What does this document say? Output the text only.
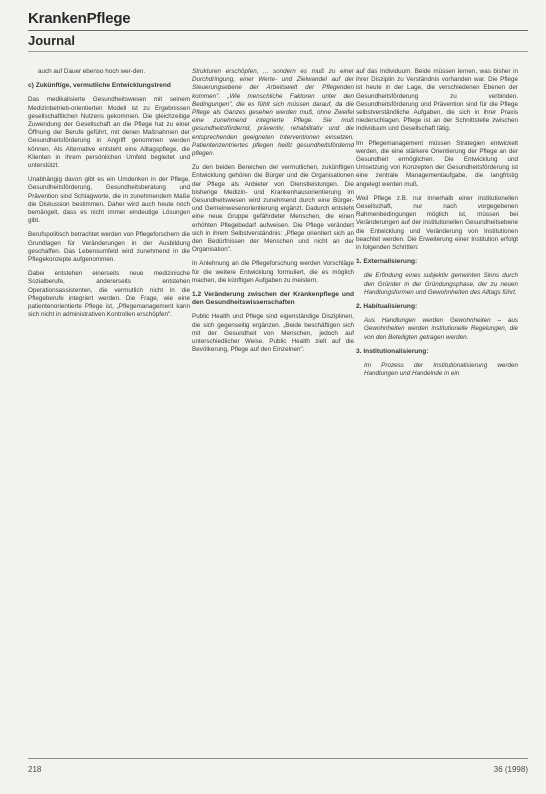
KrankenPflege
Journal

auch auf Dauer ebenso hoch wer-den.

c) Zukünftige, vermutliche Entwicklungstrend

Das medikalisierte Gesundheitswesen mit seinem Medizinbetrieb-orientierten Modell ist zu Ergebnissen gesellschaftlichen Nutzens gekommen. Die gleichzeitige Zuwendung der Gesellschaft an die Pflege hat zu einer Öffnung der Berufe geführt, mit denen Maßnahmen der Gesundheitsförderung in Angriff genommen werden können. Als Alternative entsteht eine Alltagspflege, die Klienten in ihrem persönlichen Umfeld begleitet und unterstützt.

Unabhängig davon gibt es ein Umdenken in der Pflege. Gesundheitsförderung, Gesundheitsberatung und Prävention sind Schlagworte, die in zunehmendem Maße die Diskussion bestimmen. Daher wird auch heute noch bemängelt, dass es nicht immer eindeutige Lösungen gibt.

Berufspolitisch betrachtet werden von Pflegeforschern die Grundlagen für Veränderungen in der Ausbildung geschaffen. Das Lebensumfeld wird zunehmend in die Pflegekonzepte aufgenommen.

Dabei entstehen einerseits neue medizinische Sozialberufe, andererseits entstehen Operationsassistenten, die vermutlich nicht in die Pflegeberufe integriert werden. Die Frage, wie eine patientenorientierte Pflege ist, „Pflegemanagement kann sich nicht in administrativen Kontrollen erschöpfen".

Strukturen erschöpfen, ... sondern es muß zu einer Durchdringung, einer Werte- und Zielwandel auf der Steuerungsebene der Arbeitswelt der Pflegenden kommen". „Wie menschliche Faktoren unter den Bedingungen", die es fühlt sich müssen darauf, da die Pflege als Ganzes gesehen werden muß, ohne Zweifel eine zunehmend integrierte Pflege. Sie muß gesundheitsfördernd, präventiv, rehabilitativ und die entsprechenden geeigneten Interventionen einsetzen. Patientenzentriertes pflegen heißt gesundheitsfördernd pflegen.

Zu den beiden Bereichen der vermutlichen, zukünftigen Entwicklung gehören die Bürger und die Organisationen der Pflege als Anbieter von Dienstleistungen. Die bisherige Medizin- und Krankenhausorientierung im Gesundheitswesen wird zunehmend durch eine Bürger- und Gemeinwesenorientierung ergänzt. Dadurch entsteht eine neue Gruppe gefährdeter Menschen, die einen erhöhten Pflegebedarf aufweisen. Die Pflege verändert sich in ihrem Selbstverständnis: „Pflege orientiert sich an den Bedürfnissen der Menschen und nicht an der Organisation".

In Anlehnung an die Pflegeforschung werden Vorschläge für die weitere Entwicklung formuliert, die es möglich machen, die künftigen Aufgaben zu meistern.

1.2 Veränderung zwischen der Krankenpflege und den Gesundheitswissenschaften

Public Health und Pflege sind eigenständige Disziplinen, die sich gegenseitig ergänzen. „Beide beschäftigen sich mit der Gesundheit von Menschen, jedoch auf unterschiedlicher Weise. Public Health zielt auf die Bevölkerung, Pflege auf den Einzelnen".

auf das Individuum. Beide müssen lernen, was bisher in ihrer Disziplin zu Verständnis vorhanden war. Die Pflege ist heute in der Lage, die verschiedenen Ebenen der Gesundheitsförderung zu verbinden. Gesundheitsförderung und Prävention sind für die Pflege selbstverständliche Aufgaben, die sich in ihrer Praxis niederschlagen. Pflege ist an der Schnittstelle zwischen Individuum und Gesellschaft tätig.

Im Pflegemanagement müssen Strategien entwickelt werden, die eine stärkere Orientierung der Pflege an der Gesundheit ermöglichen. Die Entwicklung und Umsetzung von Konzepten der Gesundheitsförderung ist eine zentrale Managementaufgabe, die langfristig angelegt werden muß.

Weil Pflege z.B. nur innerhalb einer institutionellen Gesellschaft, nur nach vorgegebenen Rahmenbedingungen möglich ist, müssen bei Veränderungen auf der institutionellen Gesundheitsebene die Entwicklung und Veränderung von Institutionen beachtet werden. Die Erweiterung einer Institution erfolgt in folgenden Schritten:

1. Externalisierung:

die Erfindung eines subjektiv gemeinten Sinns durch den Gründer in der Gründungsphase, der zu neuen Handlungsformen und Gewohnheiten des Alltags führt.

2. Habitualisierung:

Aus Handlungen werden Gewohnheiten – aus Gewohnheiten werden institutionelle Regelungen, die von den Beteiligten getragen werden.

3. Institutionalisierung:

Im Prozess der Institutionalisierung werden Handlungen und Handelnde in ein

218	36 (1998)
